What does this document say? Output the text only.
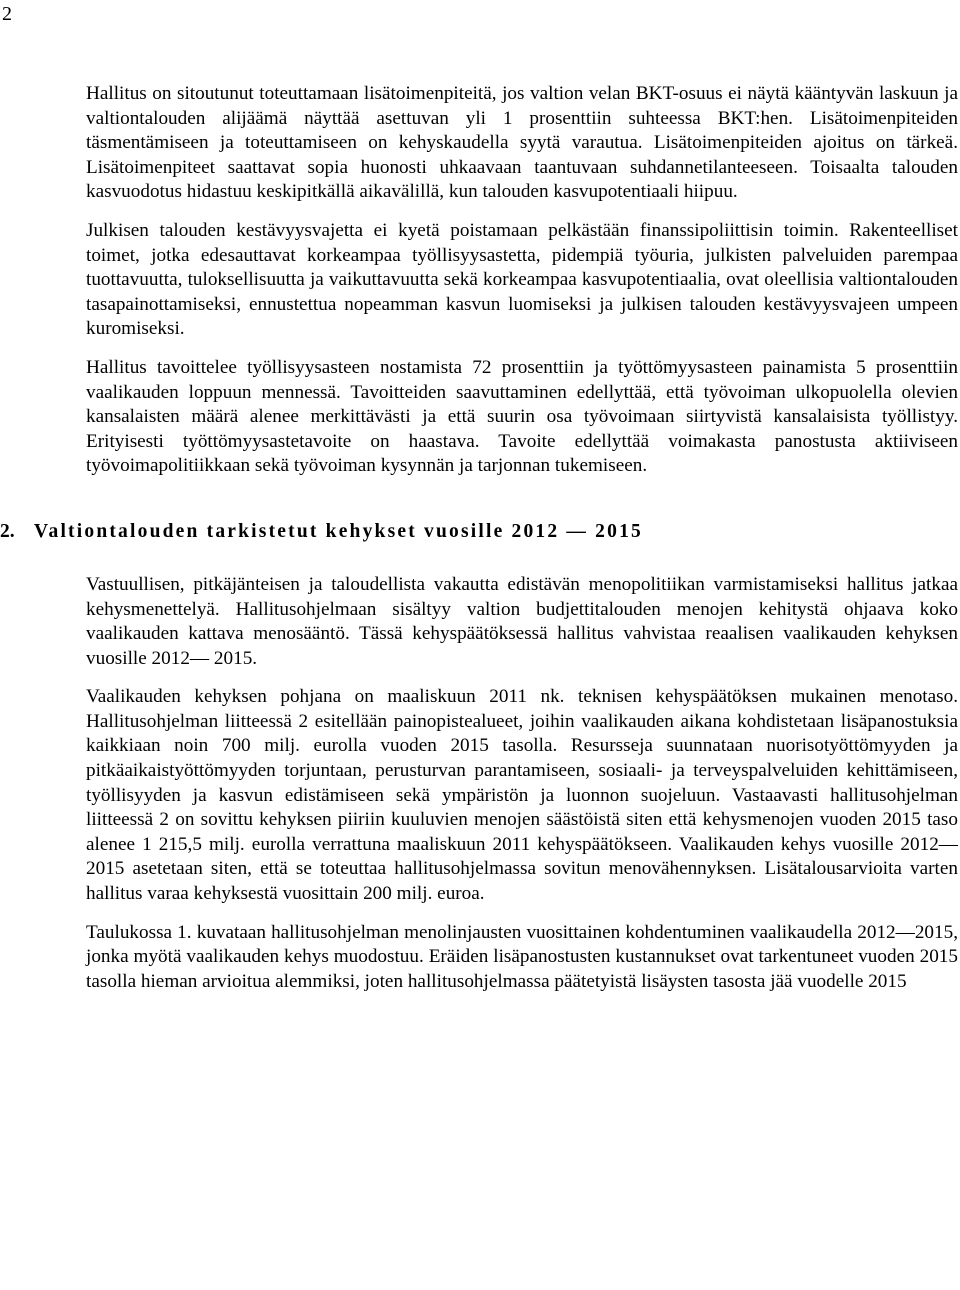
2

Hallitus on sitoutunut toteuttamaan lisätoimenpiteitä, jos valtion velan BKT-osuus ei näytä kääntyvän laskuun ja valtiontalouden alijäämä näyttää asettuvan yli 1 prosenttiin suhteessa BKT:hen. Lisätoimenpiteiden täsmentämiseen ja toteuttamiseen on kehyskaudella syytä varautua. Lisätoimenpiteiden ajoitus on tärkeä. Lisätoimenpiteet saattavat sopia huonosti uhkaavaan taantuvaan suhdannetilanteeseen. Toisaalta talouden kasvuodotus hidastuu keskipitkällä aikavälillä, kun talouden kasvupotentiaali hiipuu.

Julkisen talouden kestävyysvajetta ei kyetä poistamaan pelkästään finanssipoliittisin toimin. Rakenteelliset toimet, jotka edesauttavat korkeampaa työllisyysastetta, pidempiä työuria, julkisten palveluiden parempaa tuottavuutta, tuloksellisuutta ja vaikuttavuutta sekä korkeampaa kasvupotentiaalia, ovat oleellisia valtiontalouden tasapainottamiseksi, ennustettua nopeamman kasvun luomiseksi ja julkisen talouden kestävyysvajeen umpeen kuromiseksi.

Hallitus tavoittelee työllisyysasteen nostamista 72 prosenttiin ja työttömyysasteen painamista 5 prosenttiin vaalikauden loppuun mennessä. Tavoitteiden saavuttaminen edellyttää, että työvoiman ulkopuolella olevien kansalaisten määrä alenee merkittävästi ja että suurin osa työvoimaan siirtyvistä kansalaisista työllistyy. Erityisesti työttömyysastetavoite on haastava. Tavoite edellyttää voimakasta panostusta aktiiviseen työvoimapolitiikkaan sekä työvoiman kysynnän ja tarjonnan tukemiseen.

2. Valtiontalouden tarkistetut kehykset vuosille 2012 — 2015

Vastuullisen, pitkäjänteisen ja taloudellista vakautta edistävän menopolitiikan varmistamiseksi hallitus jatkaa kehysmenettelyä. Hallitusohjelmaan sisältyy valtion budjettitalouden menojen kehitystä ohjaava koko vaalikauden kattava menosääntö. Tässä kehyspäätöksessä hallitus vahvistaa reaalisen vaalikauden kehyksen vuosille 2012— 2015.

Vaalikauden kehyksen pohjana on maaliskuun 2011 nk. teknisen kehyspäätöksen mukainen menotaso. Hallitusohjelman liitteessä 2 esitellään painopistealueet, joihin vaalikauden aikana kohdistetaan lisäpanostuksia kaikkiaan noin 700 milj. eurolla vuoden 2015 tasolla. Resursseja suunnataan nuorisotyöttömyyden ja pitkäaikaistyöttömyyden torjuntaan, perusturvan parantamiseen, sosiaali- ja terveyspalveluiden kehittämiseen, työllisyyden ja kasvun edistämiseen sekä ympäristön ja luonnon suojeluun. Vastaavasti hallitusohjelman liitteessä 2 on sovittu kehyksen piiriin kuuluvien menojen säästöistä siten että kehysmenojen vuoden 2015 taso alenee 1 215,5 milj. eurolla verrattuna maaliskuun 2011 kehyspäätökseen. Vaalikauden kehys vuosille 2012—2015 asetetaan siten, että se toteuttaa hallitusohjelmassa sovitun menovähennyksen. Lisätalousarvioita varten hallitus varaa kehyksestä vuosittain 200 milj. euroa.

Taulukossa 1. kuvataan hallitusohjelman menolinjausten vuosittainen kohdentuminen vaalikaudella 2012—2015, jonka myötä vaalikauden kehys muodostuu. Eräiden lisäpanostusten kustannukset ovat tarkentuneet vuoden 2015 tasolla hieman arvioitua alemmiksi, joten hallitusohjelmassa päätetyistä lisäysten tasosta jää vuodelle 2015
